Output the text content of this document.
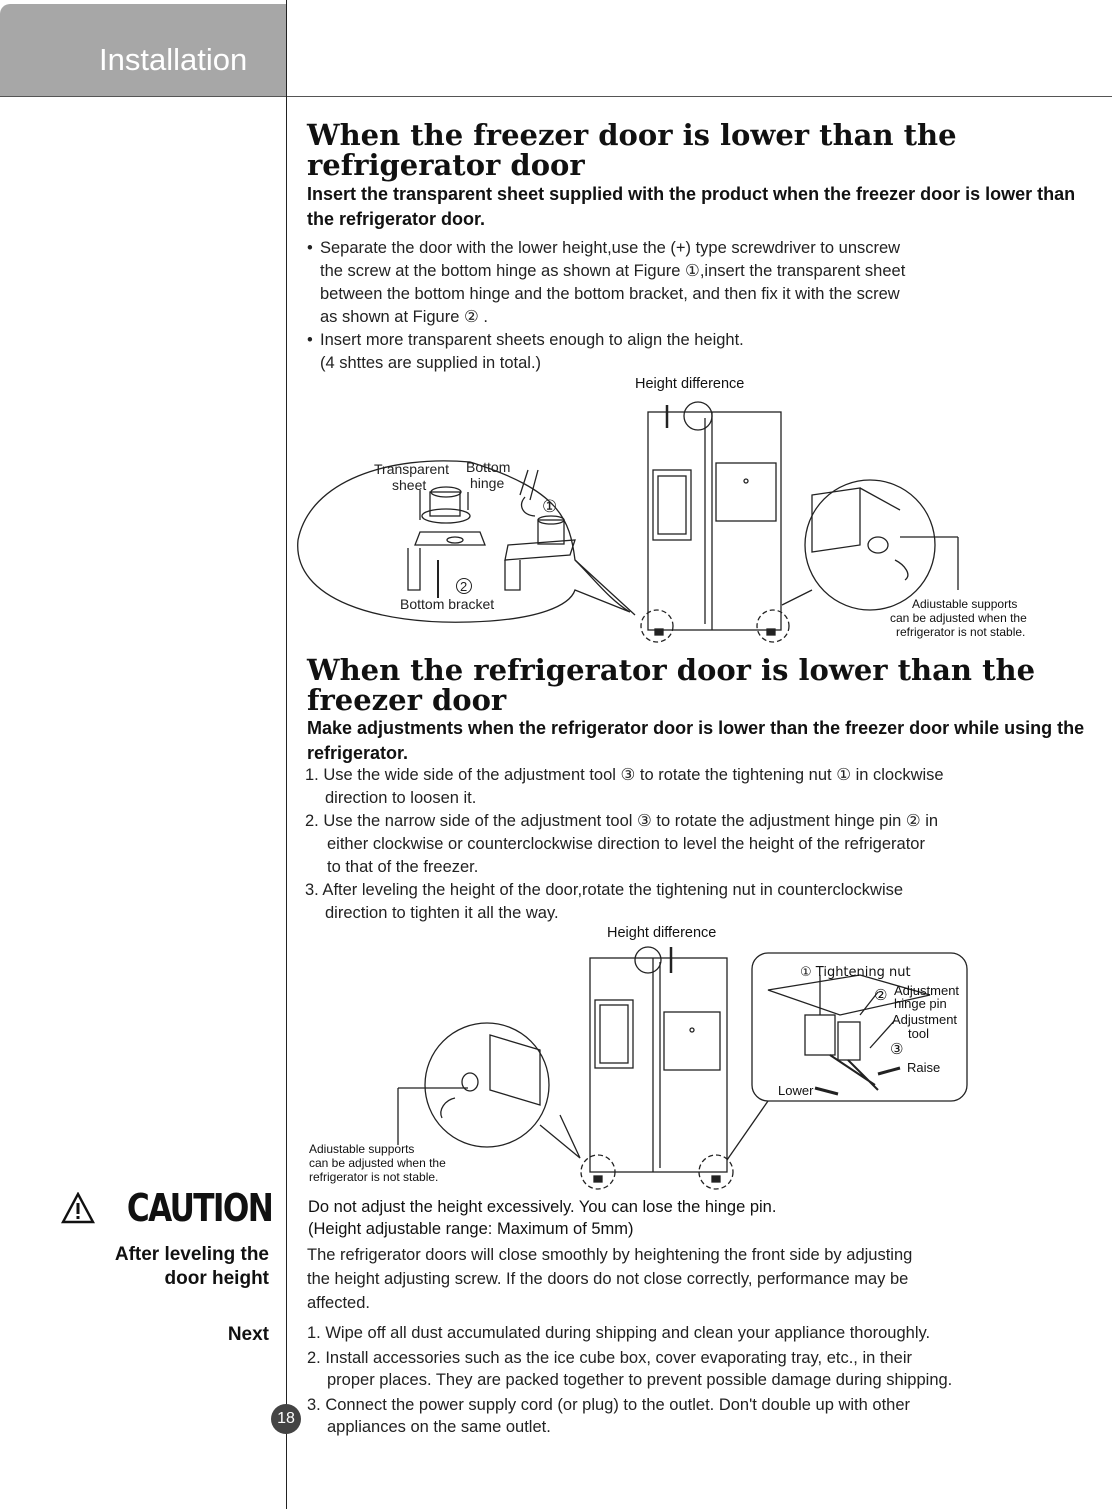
Installation
When the freezer door is lower than the refrigerator door
Insert the transparent sheet supplied with the product when the freezer door is lower than the refrigerator door.
• Separate the door with the lower height,use the (+) type screwdriver to unscrew
the screw at the bottom hinge as shown at Figure ①,insert the transparent sheet
between the bottom hinge and the bottom bracket, and then fix it with the screw
as shown at Figure ② .
• Insert more transparent sheets enough to align the height.
(4 shttes are supplied in total.)
Height difference
Transparent
sheet
Bottom
hinge
①
2
Bottom bracket	Adiustable supports
can be adjusted when the
refrigerator is not stable.
When the refrigerator door is lower than the freezer door
Make adjustments when the refrigerator door is lower than the freezer door while using the refrigerator.
1. Use the wide side of the adjustment tool ③ to rotate the tightening nut ① in clockwise
direction to loosen it.
2. Use the narrow side of the adjustment tool ③ to rotate the adjustment hinge pin ② in
either clockwise or counterclockwise direction to level the height of the refrigerator
to that of the freezer.
3. After leveling the height of the door,rotate the tightening nut in counterclockwise
direction to tighten it all the way.
Height difference
① Tightening nut
② Adjustment
hinge pin
Adjustment
tool
③
Raise
Lower
Adiustable supports
can be adjusted when the
refrigerator is not stable.
CAUTION Do not adjust the height excessively. You can lose the hinge pin.
(Height adjustable range: Maximum of 5mm)
After leveling the
door height
The refrigerator doors will close smoothly by heightening the front side by adjusting
the height adjusting screw. If the doors do not close correctly, performance may be
affected.
Next 1. Wipe off all dust accumulated during shipping and clean your appliance thoroughly.
2. Install accessories such as the ice cube box, cover evaporating tray, etc., in their
proper places. They are packed together to prevent possible damage during shipping.
3. Connect the power supply cord (or plug) to the outlet. Don't double up with other
appliances on the same outlet.
18
